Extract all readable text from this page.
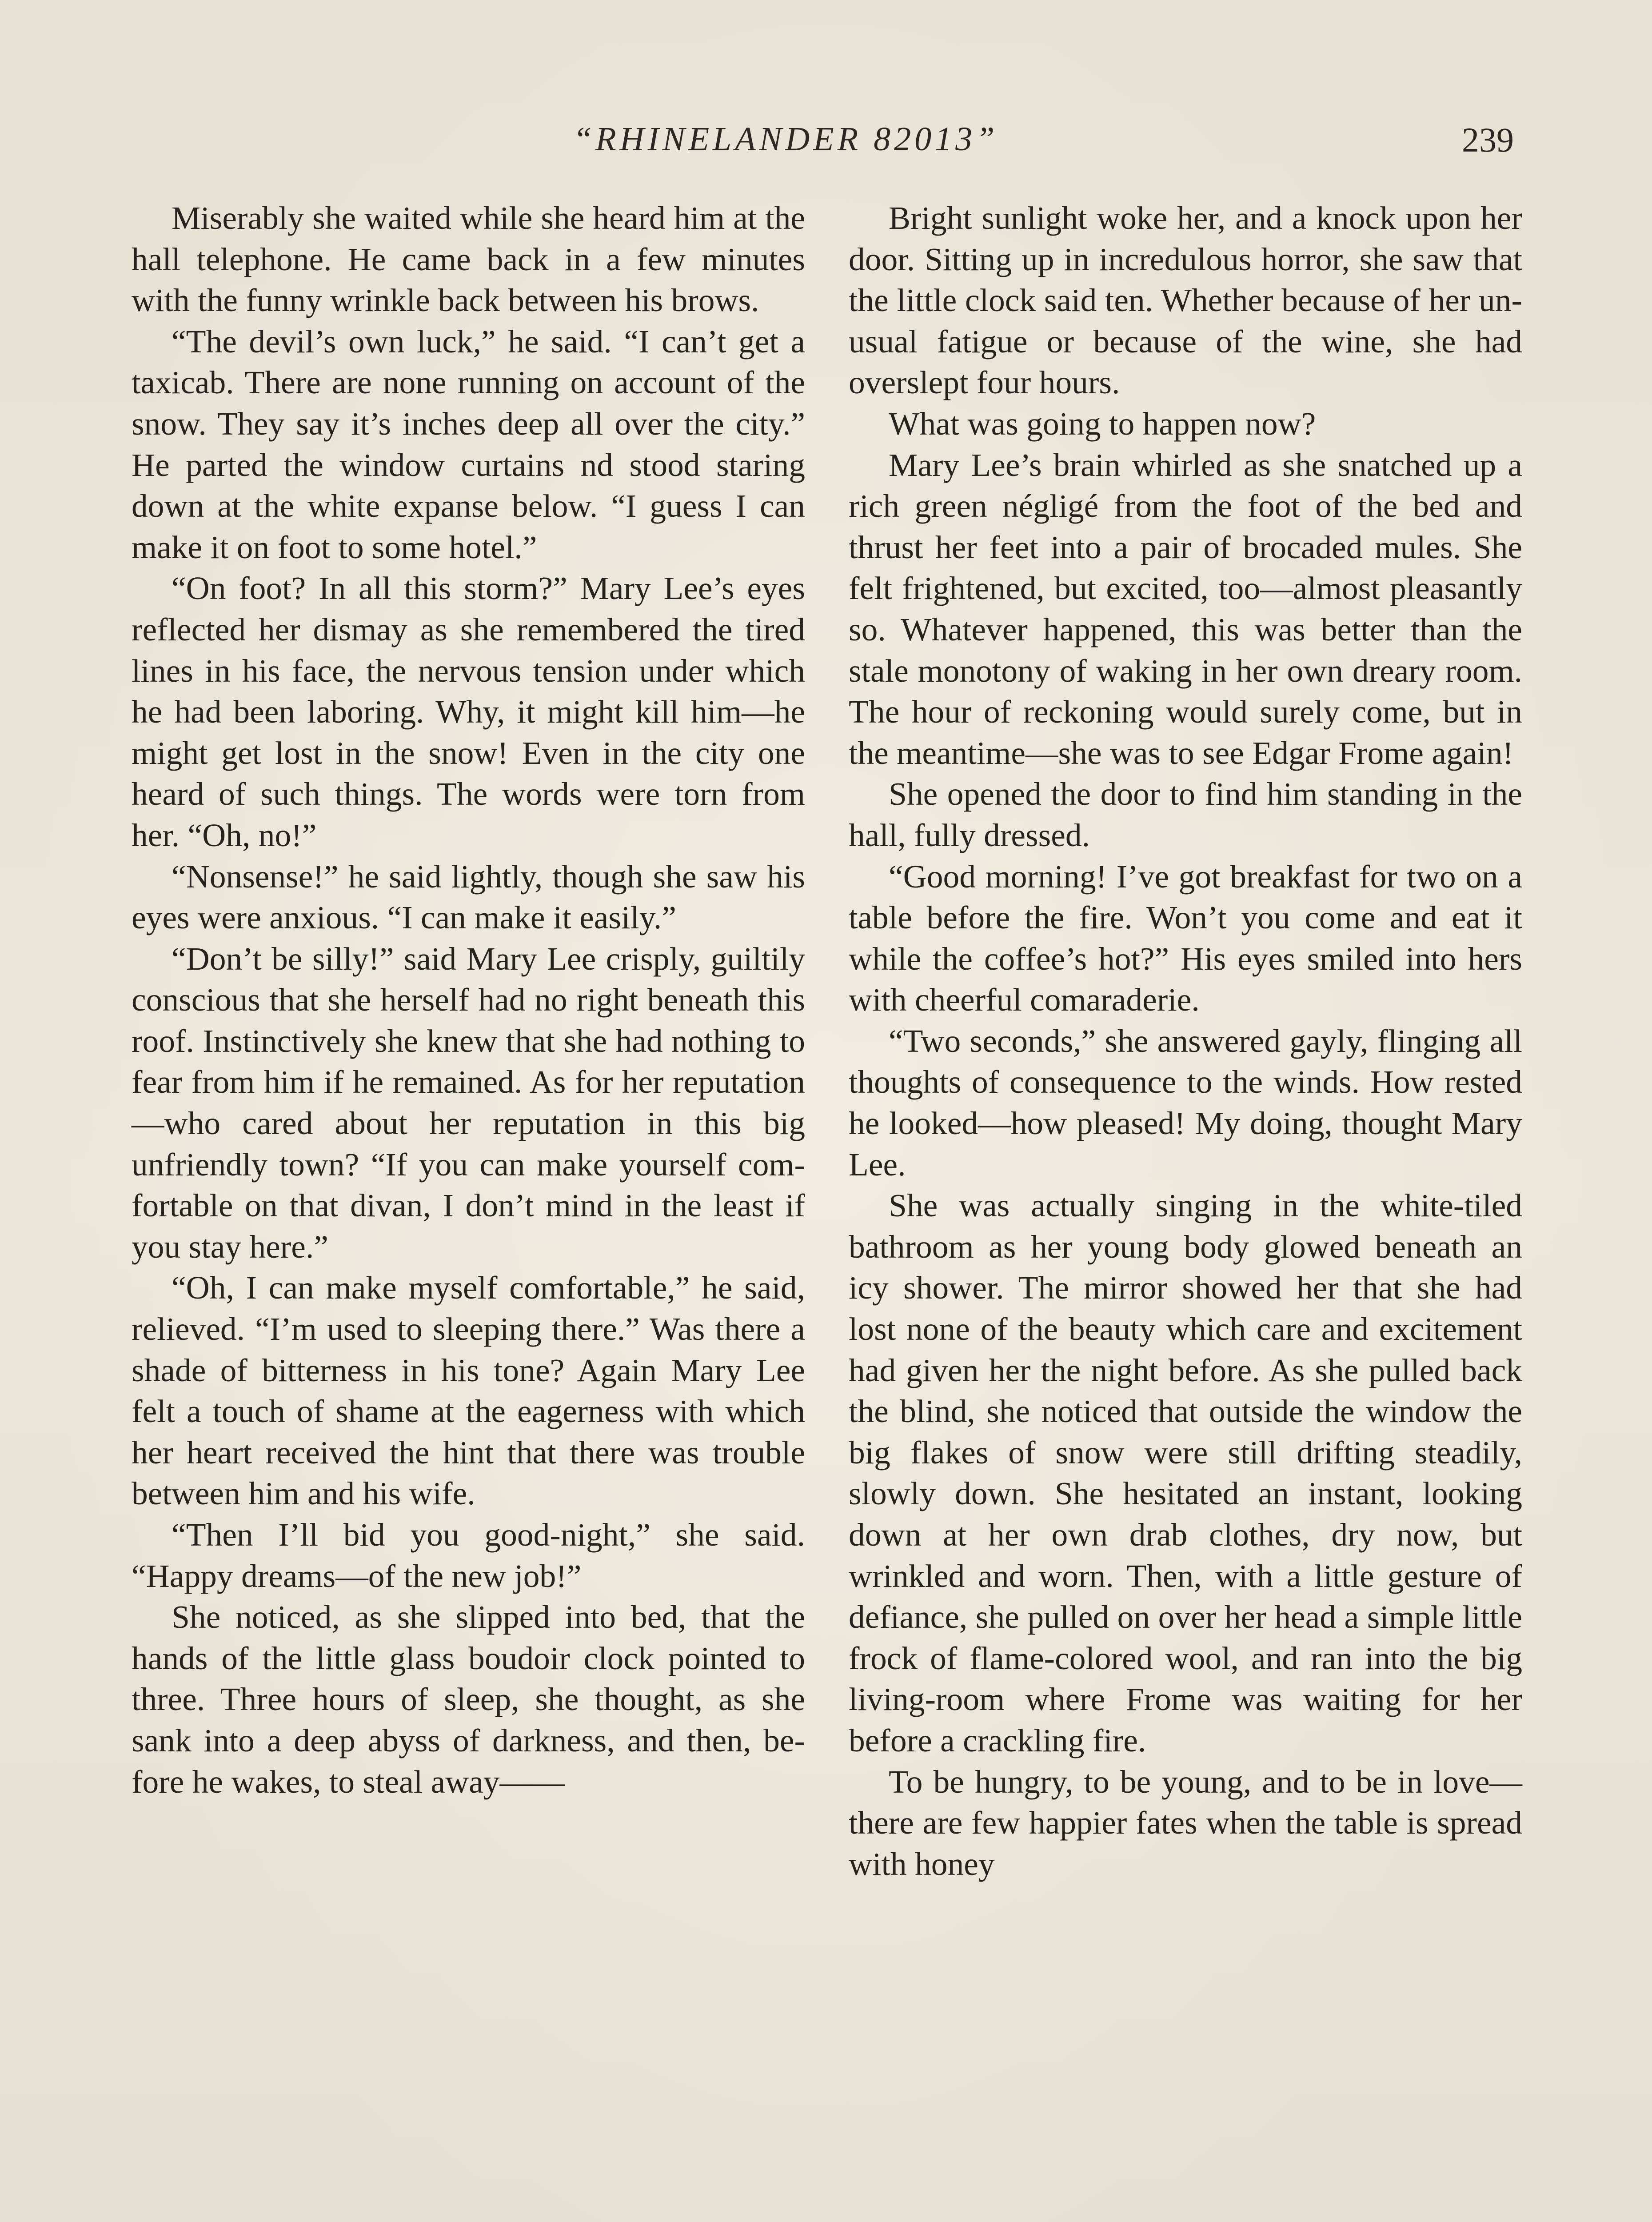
“RHINELANDER 82013”	239

Miserably she waited while she heard him at the hall telephone. He came back in a few minutes with the funny wrinkle back between his brows.

“The devil’s own luck,” he said. “I can’t get a taxicab. There are none running on account of the snow. They say it’s inches deep all over the city.” He parted the window curtains nd stood staring down at the white expanse below. “I guess I can make it on foot to some hotel.”

“On foot? In all this storm?” Mary Lee’s eyes reflected her dismay as she remembered the tired lines in his face, the nervous tension under which he had been laboring. Why, it might kill him—he might get lost in the snow! Even in the city one heard of such things. The words were torn from her. “Oh, no!”

“Nonsense!” he said lightly, though she saw his eyes were anxious. “I can make it easily.”

“Don’t be silly!” said Mary Lee crisply, guiltily conscious that she herself had no right beneath this roof. Instinctively she knew that she had nothing to fear from him if he remained. As for her reputation—who cared about her reputation in this big unfriendly town? “If you can make yourself comfortable on that divan, I don’t mind in the least if you stay here.”

“Oh, I can make myself comfortable,” he said, relieved. “I’m used to sleeping there.” Was there a shade of bitterness in his tone? Again Mary Lee felt a touch of shame at the eagerness with which her heart received the hint that there was trouble between him and his wife.

“Then I’ll bid you good-night,” she said. “Happy dreams—of the new job!”

She noticed, as she slipped into bed, that the hands of the little glass boudoir clock pointed to three. Three hours of sleep, she thought, as she sank into a deep abyss of darkness, and then, before he wakes, to steal away——

Bright sunlight woke her, and a knock upon her door. Sitting up in incredulous horror, she saw that the little clock said ten. Whether because of her unusual fatigue or because of the wine, she had overslept four hours.

What was going to happen now?

Mary Lee’s brain whirled as she snatched up a rich green négligé from the foot of the bed and thrust her feet into a pair of brocaded mules. She felt frightened, but excited, too—almost pleasantly so. Whatever happened, this was better than the stale monotony of waking in her own dreary room. The hour of reckoning would surely come, but in the meantime—she was to see Edgar Frome again!

She opened the door to find him standing in the hall, fully dressed.

“Good morning! I’ve got breakfast for two on a table before the fire. Won’t you come and eat it while the coffee’s hot?” His eyes smiled into hers with cheerful comaraderie.

“Two seconds,” she answered gayly, flinging all thoughts of consequence to the winds. How rested he looked—how pleased! My doing, thought Mary Lee.

She was actually singing in the white-tiled bathroom as her young body glowed beneath an icy shower. The mirror showed her that she had lost none of the beauty which care and excitement had given her the night before. As she pulled back the blind, she noticed that outside the window the big flakes of snow were still drifting steadily, slowly down. She hesitated an instant, looking down at her own drab clothes, dry now, but wrinkled and worn. Then, with a little gesture of defiance, she pulled on over her head a simple little frock of flame-colored wool, and ran into the big living-room where Frome was waiting for her before a crackling fire.

To be hungry, to be young, and to be in love—there are few happier fates when the table is spread with honey
